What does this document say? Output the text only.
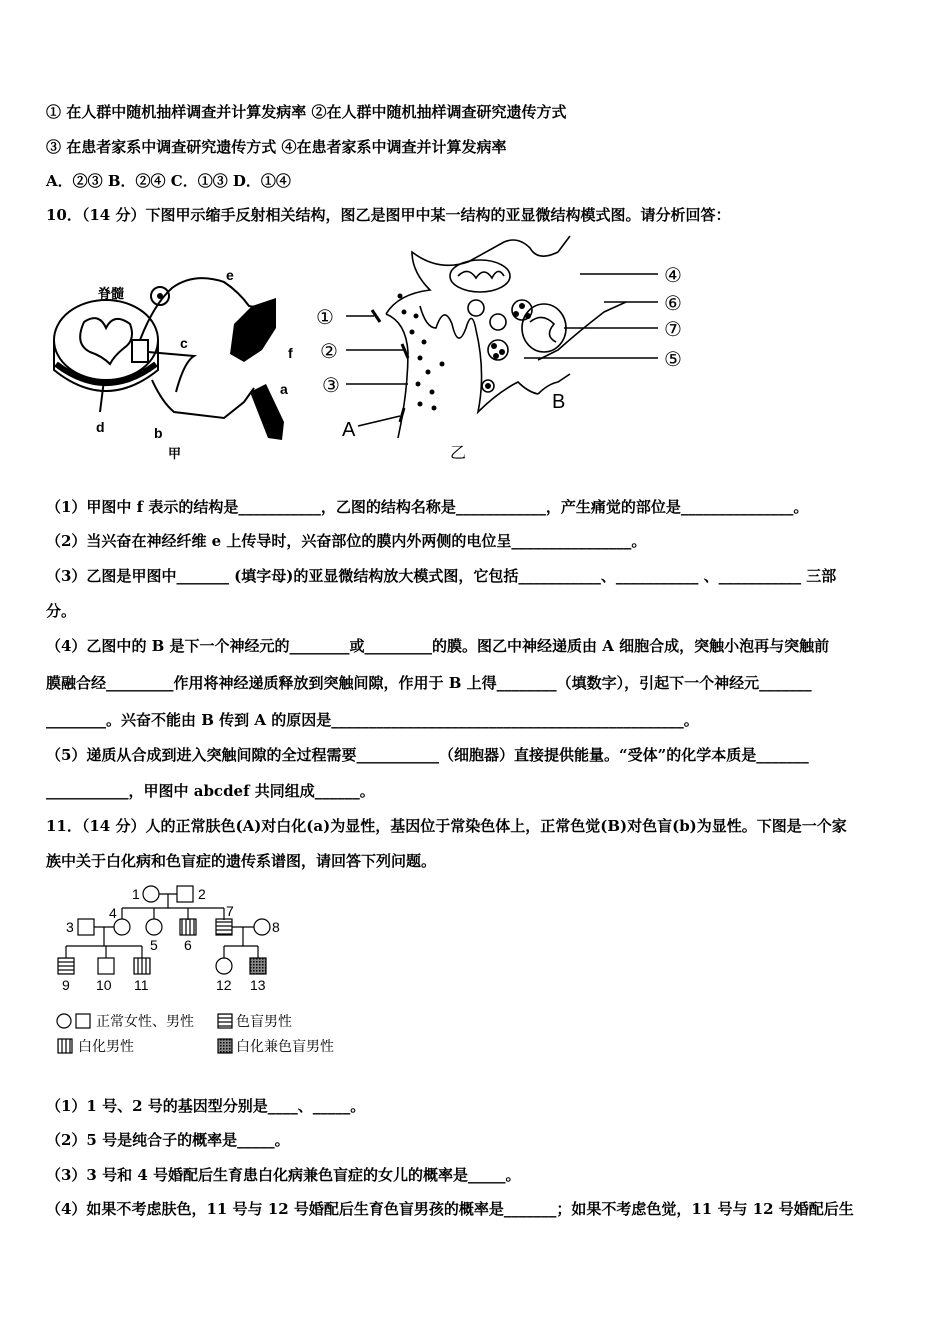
① 在人群中随机抽样调查并计算发病率 ②在人群中随机抽样调查研究遗传方式
③ 在患者家系中调查研究遗传方式 ④在患者家系中调查并计算发病率
A．②③ B．②④ C．①③ D．①④
10．（14 分）下图甲示缩手反射相关结构，图乙是图甲中某一结构的亚显微结构模式图。请分析回答：
脊髓
e
c
f
a
d	b
甲
①
②
③
A
④
⑥
⑦
⑤
B
乙
（1）甲图中 f 表示的结构是___________，乙图的结构名称是____________，产生痛觉的部位是_______________。
（2）当兴奋在神经纤维 e 上传导时，兴奋部位的膜内外两侧的电位呈________________。
（3）乙图是甲图中_______ (填字母)的亚显微结构放大模式图，它包括___________、___________ 、___________ 三部
分。
（4）乙图中的 B 是下一个神经元的________或_________的膜。图乙中神经递质由 A 细胞合成，突触小泡再与突触前
膜融合经_________作用将神经递质释放到突触间隙，作用于 B 上得________（填数字），引起下一个神经元_______
________。兴奋不能由 B 传到 A 的原因是_______________________________________________。
（5）递质从合成到进入突触间隙的全过程需要___________（细胞器）直接提供能量。“受体”的化学本质是_______
___________，甲图中 abcdef 共同组成______。
11．（14 分）人的正常肤色(A)对白化(a)为显性，基因位于常染色体上，正常色觉(B)对色盲(b)为显性。下图是一个家
族中关于白化病和色盲症的遗传系谱图，请回答下列问题。
1	2
3
4
5 6
7
8
9 10 11	12 13
正常女性、男性	色盲男性
白化男性	白化兼色盲男性
（1）1 号、2 号的基因型分别是____、_____。
（2）5 号是纯合子的概率是_____。
（3）3 号和 4 号婚配后生育患白化病兼色盲症的女儿的概率是_____。
（4）如果不考虑肤色，11 号与 12 号婚配后生育色盲男孩的概率是_______；如果不考虑色觉，11 号与 12 号婚配后生
